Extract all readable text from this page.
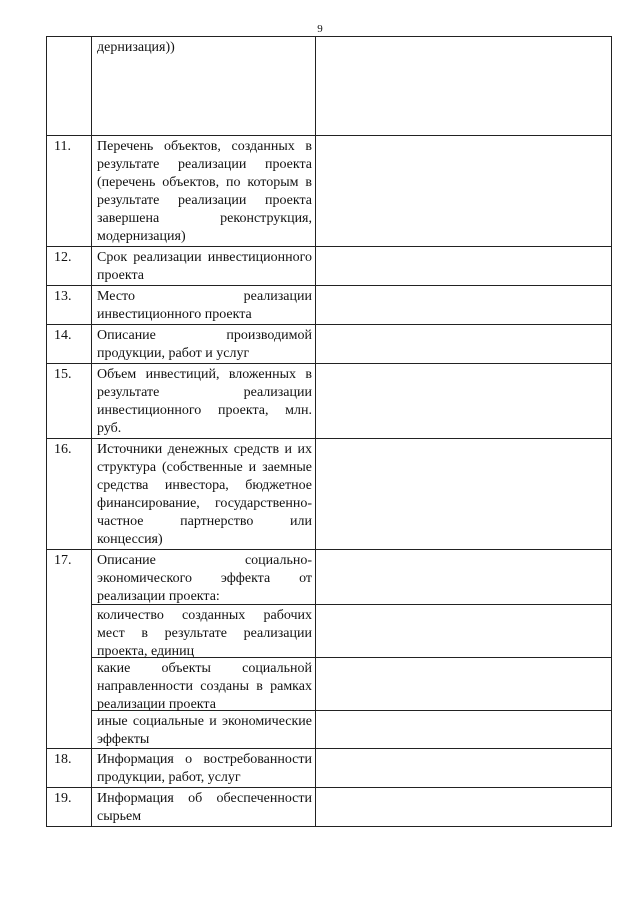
9
	дернизация))	
11.	Перечень объектов, созданных в результате реализации проекта (перечень объектов, по которым в результате реализации проекта завершена реконструкция, модернизация)	
12.	Срок реализации инвестиционного проекта	
13.	Место реализации инвестиционного проекта	
14.	Описание производимой продукции, работ и услуг	
15.	Объем инвестиций, вложенных в результате реализации инвестиционного проекта, млн. руб.	
16.	Источники денежных средств и их структура (собственные и заемные средства инвестора, бюджетное финансирование, государственно-частное партнерство или концессия)	
17.	Описание социально-экономического эффекта от реализации проекта:
количество созданных рабочих мест в результате реализации проекта, единиц
какие объекты социальной направленности созданы в рамках реализации проекта
иные социальные и экономические эффекты	

18.	Информация о востребованности продукции, работ, услуг	
19.	Информация об обеспеченности сырьем	
